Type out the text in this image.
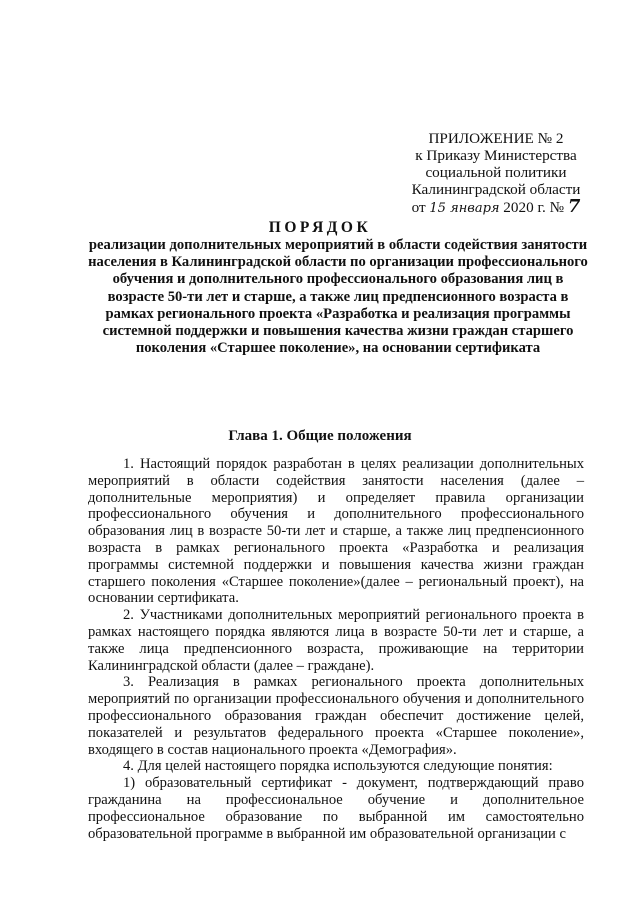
ПРИЛОЖЕНИЕ № 2
к Приказу Министерства
социальной политики
Калининградской области
от 15 января 2020 г. № 7
ПОРЯДОК
реализации дополнительных мероприятий в области содействия занятости населения в Калининградской области по организации профессионального обучения и дополнительного профессионального образования лиц в возрасте 50-ти лет и старше, а также лиц предпенсионного возраста в рамках регионального проекта «Разработка и реализация программы системной поддержки и повышения качества жизни граждан старшего поколения «Старшее поколение», на основании сертификата
Глава 1. Общие положения

1. Настоящий порядок разработан в целях реализации дополнительных мероприятий в области содействия занятости населения (далее – дополнительные мероприятия) и определяет правила организации профессионального обучения и дополнительного профессионального образования лиц в возрасте 50-ти лет и старше, а также лиц предпенсионного возраста в рамках регионального проекта «Разработка и реализация программы системной поддержки и повышения качества жизни граждан старшего поколения «Старшее поколение»(далее – региональный проект), на основании сертификата.

2. Участниками дополнительных мероприятий регионального проекта в рамках настоящего порядка являются лица в возрасте 50-ти лет и старше, а также лица предпенсионного возраста, проживающие на территории Калининградской области (далее – граждане).

3. Реализация в рамках регионального проекта дополнительных мероприятий по организации профессионального обучения и дополнительного профессионального образования граждан обеспечит достижение целей, показателей и результатов федерального проекта «Старшее поколение», входящего в состав национального проекта «Демография».

4. Для целей настоящего порядка используются следующие понятия:

1) образовательный сертификат - документ, подтверждающий право гражданина на профессиональное обучение и дополнительное профессиональное образование по выбранной им самостоятельно образовательной программе в выбранной им образовательной организации с
